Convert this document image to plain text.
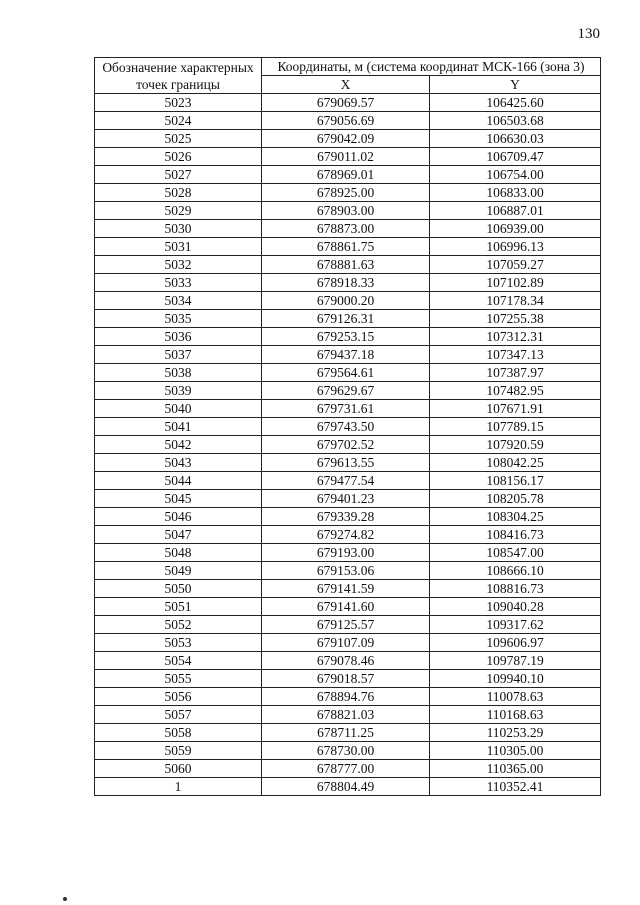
130
Обозначение характерных точек границы	Координаты, м (система координат МСК-166 (зона 3)	
	X	Y
5023	679069.57	106425.60
5024	679056.69	106503.68
5025	679042.09	106630.03
5026	679011.02	106709.47
5027	678969.01	106754.00
5028	678925.00	106833.00
5029	678903.00	106887.01
5030	678873.00	106939.00
5031	678861.75	106996.13
5032	678881.63	107059.27
5033	678918.33	107102.89
5034	679000.20	107178.34
5035	679126.31	107255.38
5036	679253.15	107312.31
5037	679437.18	107347.13
5038	679564.61	107387.97
5039	679629.67	107482.95
5040	679731.61	107671.91
5041	679743.50	107789.15
5042	679702.52	107920.59
5043	679613.55	108042.25
5044	679477.54	108156.17
5045	679401.23	108205.78
5046	679339.28	108304.25
5047	679274.82	108416.73
5048	679193.00	108547.00
5049	679153.06	108666.10
5050	679141.59	108816.73
5051	679141.60	109040.28
5052	679125.57	109317.62
5053	679107.09	109606.97
5054	679078.46	109787.19
5055	679018.57	109940.10
5056	678894.76	110078.63
5057	678821.03	110168.63
5058	678711.25	110253.29
5059	678730.00	110305.00
5060	678777.00	110365.00
1	678804.49	110352.41
